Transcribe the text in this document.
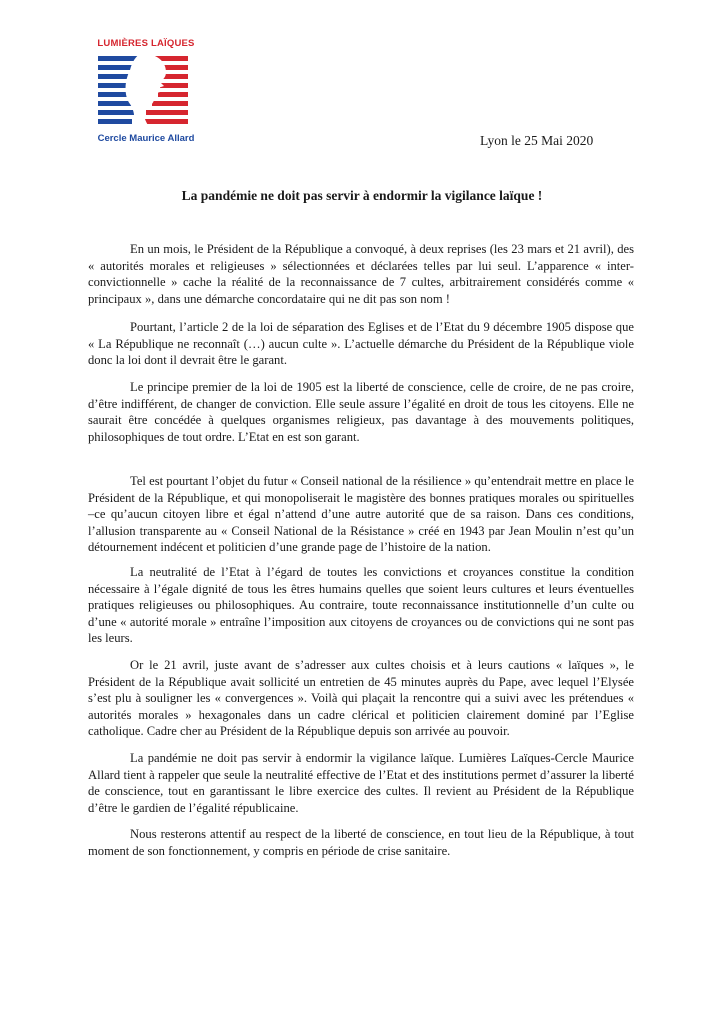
LUMIÈRES LAÏQUES
Cercle Maurice Allard	Lyon le 25 Mai 2020
La pandémie ne doit pas servir à endormir la vigilance laïque !

En un mois, le Président de la République a convoqué, à deux reprises (les 23 mars et 21 avril), des « autorités morales et religieuses » sélectionnées et déclarées telles par lui seul. L’apparence « inter-convictionnelle » cache la réalité de la reconnaissance de 7 cultes, arbitrairement considérés comme « principaux », dans une démarche concordataire qui ne dit pas son nom !

Pourtant, l’article 2 de la loi de séparation des Eglises et de l’Etat du 9 décembre 1905 dispose que « La République ne reconnaît (…) aucun culte ». L’actuelle démarche du Président de la République viole donc la loi dont il devrait être le garant.

Le principe premier de la loi de 1905 est la liberté de conscience, celle de croire, de ne pas croire, d’être indifférent, de changer de conviction. Elle seule assure l’égalité en droit de tous les citoyens. Elle ne saurait être concédée à quelques organismes religieux, pas davantage à des mouvements politiques, philosophiques de tout ordre. L’Etat en est son garant.

Tel est pourtant l’objet du futur « Conseil national de la résilience » qu’entendrait mettre en place le Président de la République, et qui monopoliserait le magistère des bonnes pratiques morales ou spirituelles –ce qu’aucun citoyen libre et égal n’attend d’une autre autorité que de sa raison. Dans ces conditions, l’allusion transparente au « Conseil National de la Résistance » créé en 1943 par Jean Moulin n’est qu’un détournement indécent et politicien d’une grande page de l’histoire de la nation.

La neutralité de l’Etat à l’égard de toutes les convictions et croyances constitue la condition nécessaire à l’égale dignité de tous les êtres humains quelles que soient leurs cultures et leurs éventuelles pratiques religieuses ou philosophiques. Au contraire, toute reconnaissance institutionnelle d’un culte ou d’une « autorité morale » entraîne l’imposition aux citoyens de croyances ou de convictions qui ne sont pas les leurs.

Or le 21 avril, juste avant de s’adresser aux cultes choisis et à leurs cautions « laïques », le Président de la République avait sollicité un entretien de 45 minutes auprès du Pape, avec lequel l’Elysée s’est plu à souligner les « convergences ». Voilà qui plaçait la rencontre qui a suivi avec les prétendues « autorités morales » hexagonales dans un cadre clérical et politicien clairement dominé par l’Eglise catholique. Cadre cher au Président de la République depuis son arrivée au pouvoir.

La pandémie ne doit pas servir à endormir la vigilance laïque. Lumières Laïques-Cercle Maurice Allard tient à rappeler que seule la neutralité effective de l’Etat et des institutions permet d’assurer la liberté de conscience, tout en garantissant le libre exercice des cultes. Il revient au Président de la République d’être le gardien de l’égalité républicaine.

Nous resterons attentif au respect de la liberté de conscience, en tout lieu de la République, à tout moment de son fonctionnement, y compris en période de crise sanitaire.
